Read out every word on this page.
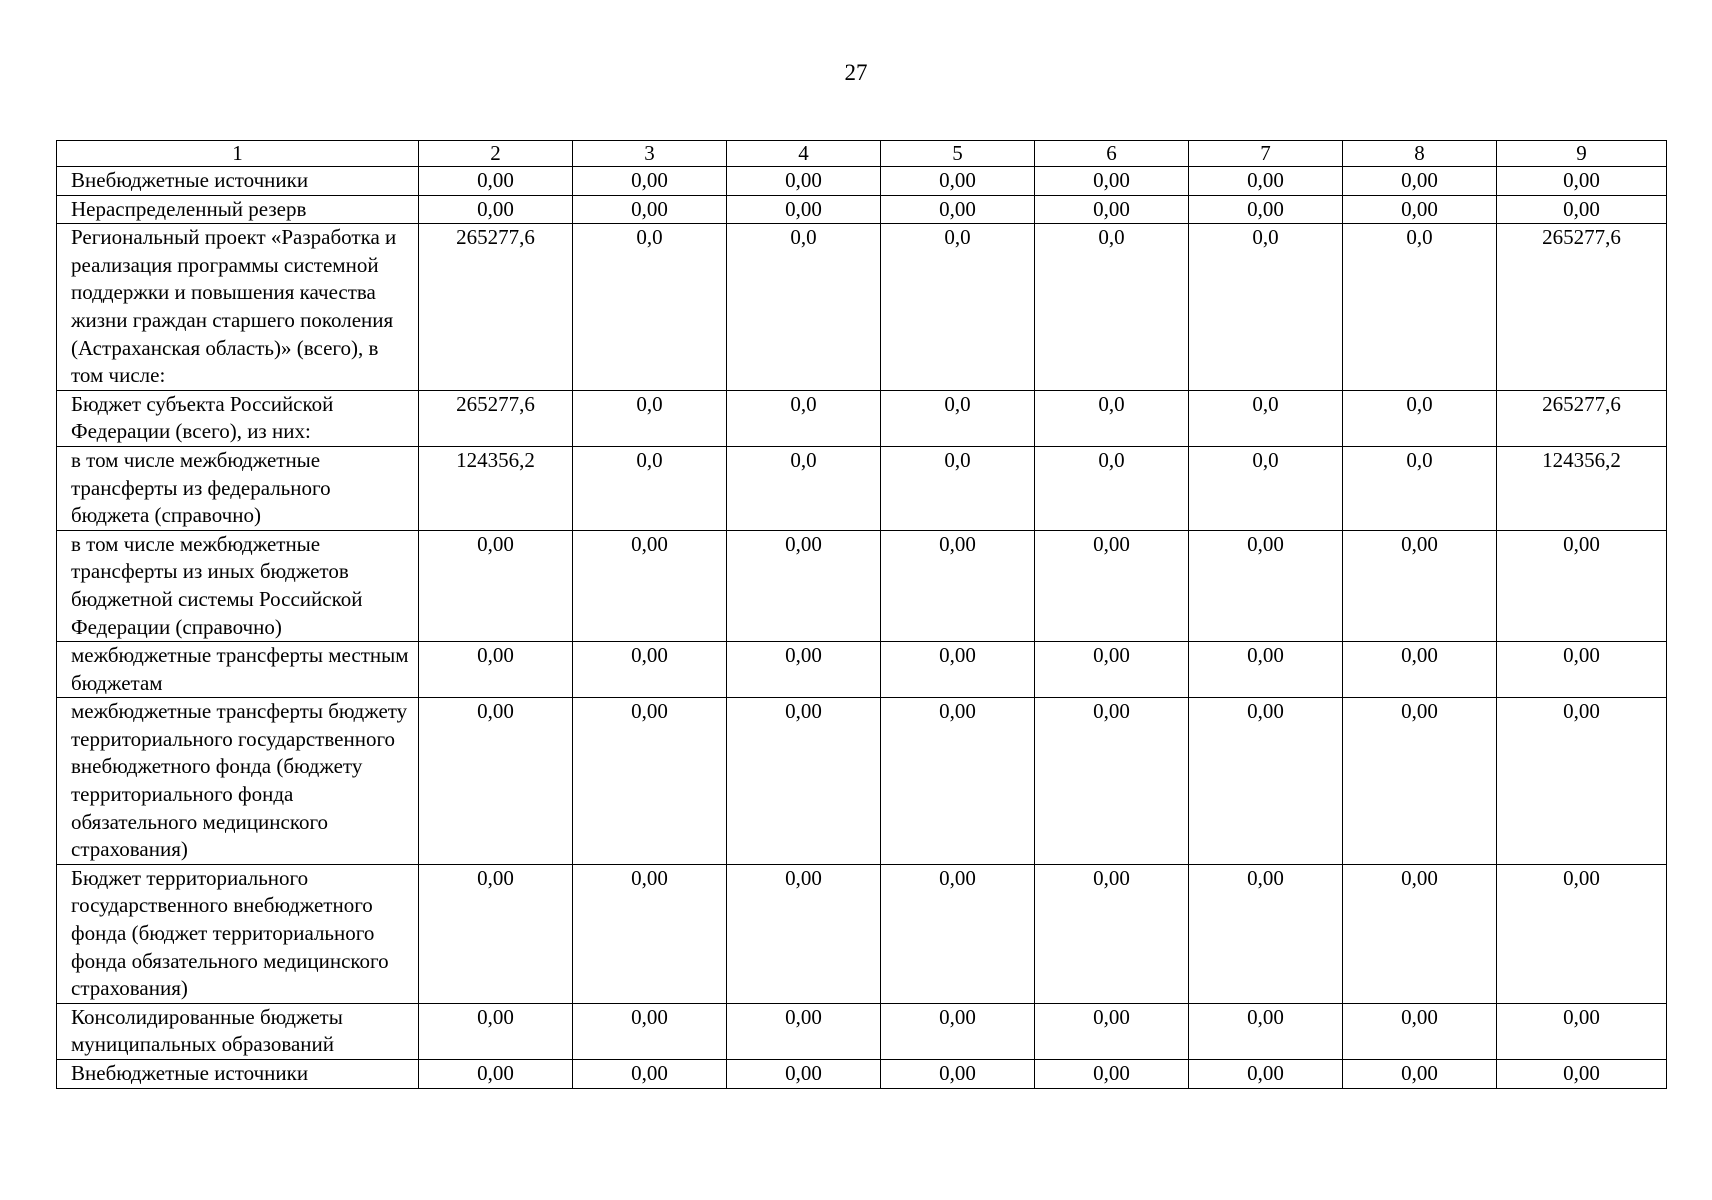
27
1	2	3	4	5	6	7	8	9
Внебюджетные источники	0,00	0,00	0,00	0,00	0,00	0,00	0,00	0,00
Нераспределенный резерв	0,00	0,00	0,00	0,00	0,00	0,00	0,00	0,00
Региональный проект «Разработка и реализация программы системной поддержки и повышения качества жизни граждан старшего поколения (Астраханская область)» (всего), в том числе:	265277,6	0,0	0,0	0,0	0,0	0,0	0,0	265277,6
Бюджет субъекта Российской Федерации (всего), из них:	265277,6	0,0	0,0	0,0	0,0	0,0	0,0	265277,6
в том числе межбюджетные трансферты из федерального бюджета (справочно)	124356,2	0,0	0,0	0,0	0,0	0,0	0,0	124356,2
в том числе межбюджетные трансферты из иных бюджетов бюджетной системы Российской Федерации (справочно)	0,00	0,00	0,00	0,00	0,00	0,00	0,00	0,00
межбюджетные трансферты местным бюджетам	0,00	0,00	0,00	0,00	0,00	0,00	0,00	0,00
межбюджетные трансферты бюджету территориального государственного внебюджетного фонда (бюджету территориального фонда обязательного медицинского страхования)	0,00	0,00	0,00	0,00	0,00	0,00	0,00	0,00
Бюджет территориального государственного внебюджетного фонда (бюджет территориального фонда обязательного медицинского страхования)	0,00	0,00	0,00	0,00	0,00	0,00	0,00	0,00
Консолидированные бюджеты муниципальных образований	0,00	0,00	0,00	0,00	0,00	0,00	0,00	0,00
Внебюджетные источники	0,00	0,00	0,00	0,00	0,00	0,00	0,00	0,00
